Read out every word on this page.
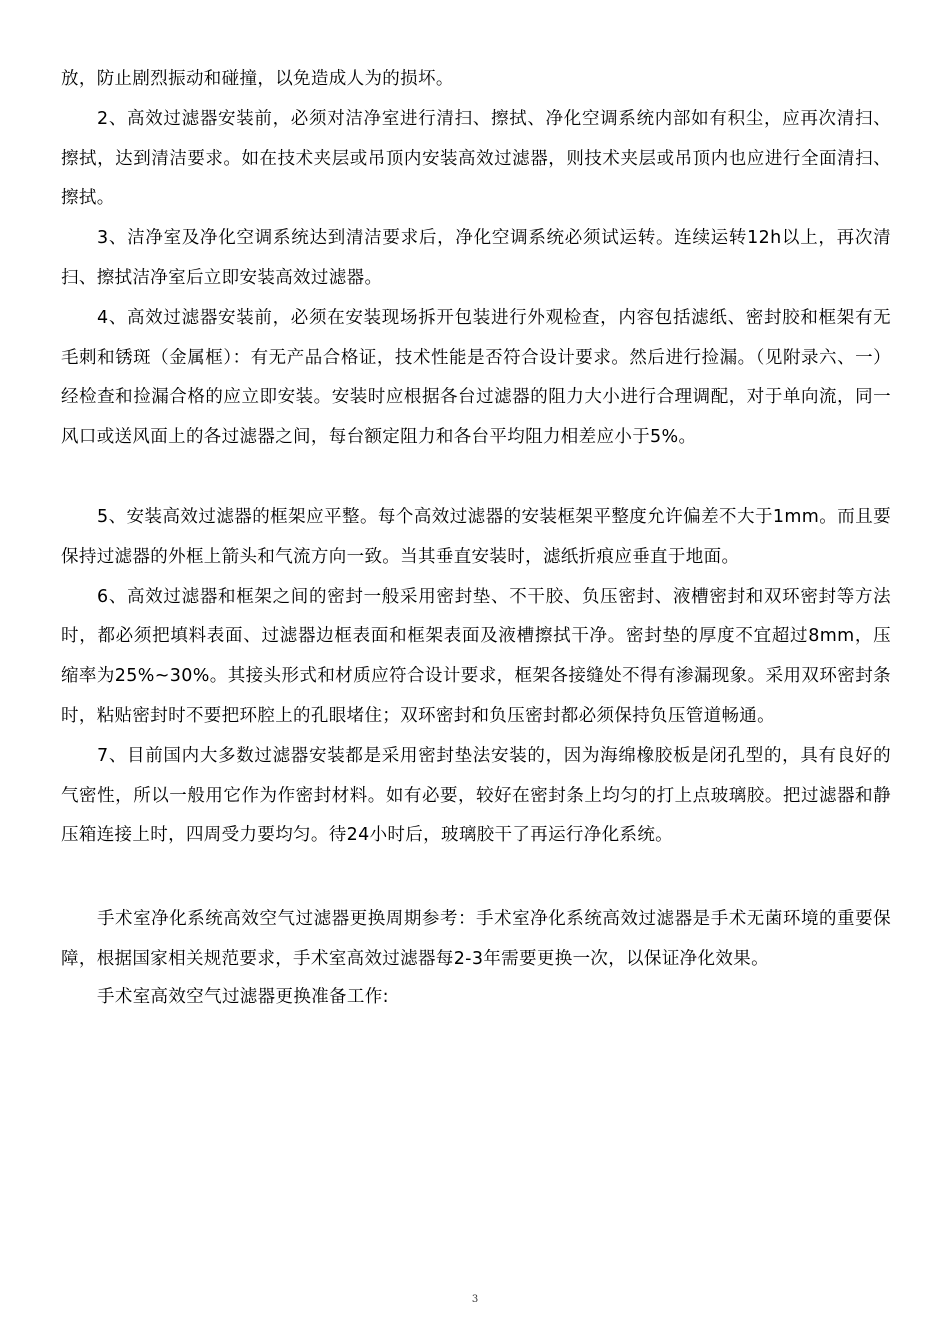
放，防止剧烈振动和碰撞，以免造成人为的损坏。

2、高效过滤器安装前，必须对洁净室进行清扫、擦拭、净化空调系统内部如有积尘，应再次清扫、擦拭，达到清洁要求。如在技术夹层或吊顶内安装高效过滤器，则技术夹层或吊顶内也应进行全面清扫、擦拭。

3、洁净室及净化空调系统达到清洁要求后，净化空调系统必须试运转。连续运转12h以上，再次清扫、擦拭洁净室后立即安装高效过滤器。

4、高效过滤器安装前，必须在安装现场拆开包装进行外观检查，内容包括滤纸、密封胶和框架有无毛刺和锈斑（金属框）：有无产品合格证，技术性能是否符合设计要求。然后进行捡漏。（见附录六、一）经检查和捡漏合格的应立即安装。安装时应根据各台过滤器的阻力大小进行合理调配，对于单向流，同一风口或送风面上的各过滤器之间，每台额定阻力和各台平均阻力相差应小于5%。

5、安装高效过滤器的框架应平整。每个高效过滤器的安装框架平整度允许偏差不大于1mm。而且要保持过滤器的外框上箭头和气流方向一致。当其垂直安装时，滤纸折痕应垂直于地面。

6、高效过滤器和框架之间的密封一般采用密封垫、不干胶、负压密封、液槽密封和双环密封等方法时，都必须把填料表面、过滤器边框表面和框架表面及液槽擦拭干净。密封垫的厚度不宜超过8mm，压缩率为25%~30%。其接头形式和材质应符合设计要求，框架各接缝处不得有渗漏现象。采用双环密封条时，粘贴密封时不要把环腔上的孔眼堵住；双环密封和负压密封都必须保持负压管道畅通。

7、目前国内大多数过滤器安装都是采用密封垫法安装的，因为海绵橡胶板是闭孔型的，具有良好的气密性，所以一般用它作为作密封材料。如有必要，较好在密封条上均匀的打上点玻璃胶。把过滤器和静压箱连接上时，四周受力要均匀。待24小时后，玻璃胶干了再运行净化系统。

手术室净化系统高效空气过滤器更换周期参考：手术室净化系统高效过滤器是手术无菌环境的重要保障，根据国家相关规范要求，手术室高效过滤器每2-3年需要更换一次，以保证净化效果。

手术室高效空气过滤器更换准备工作:

3
